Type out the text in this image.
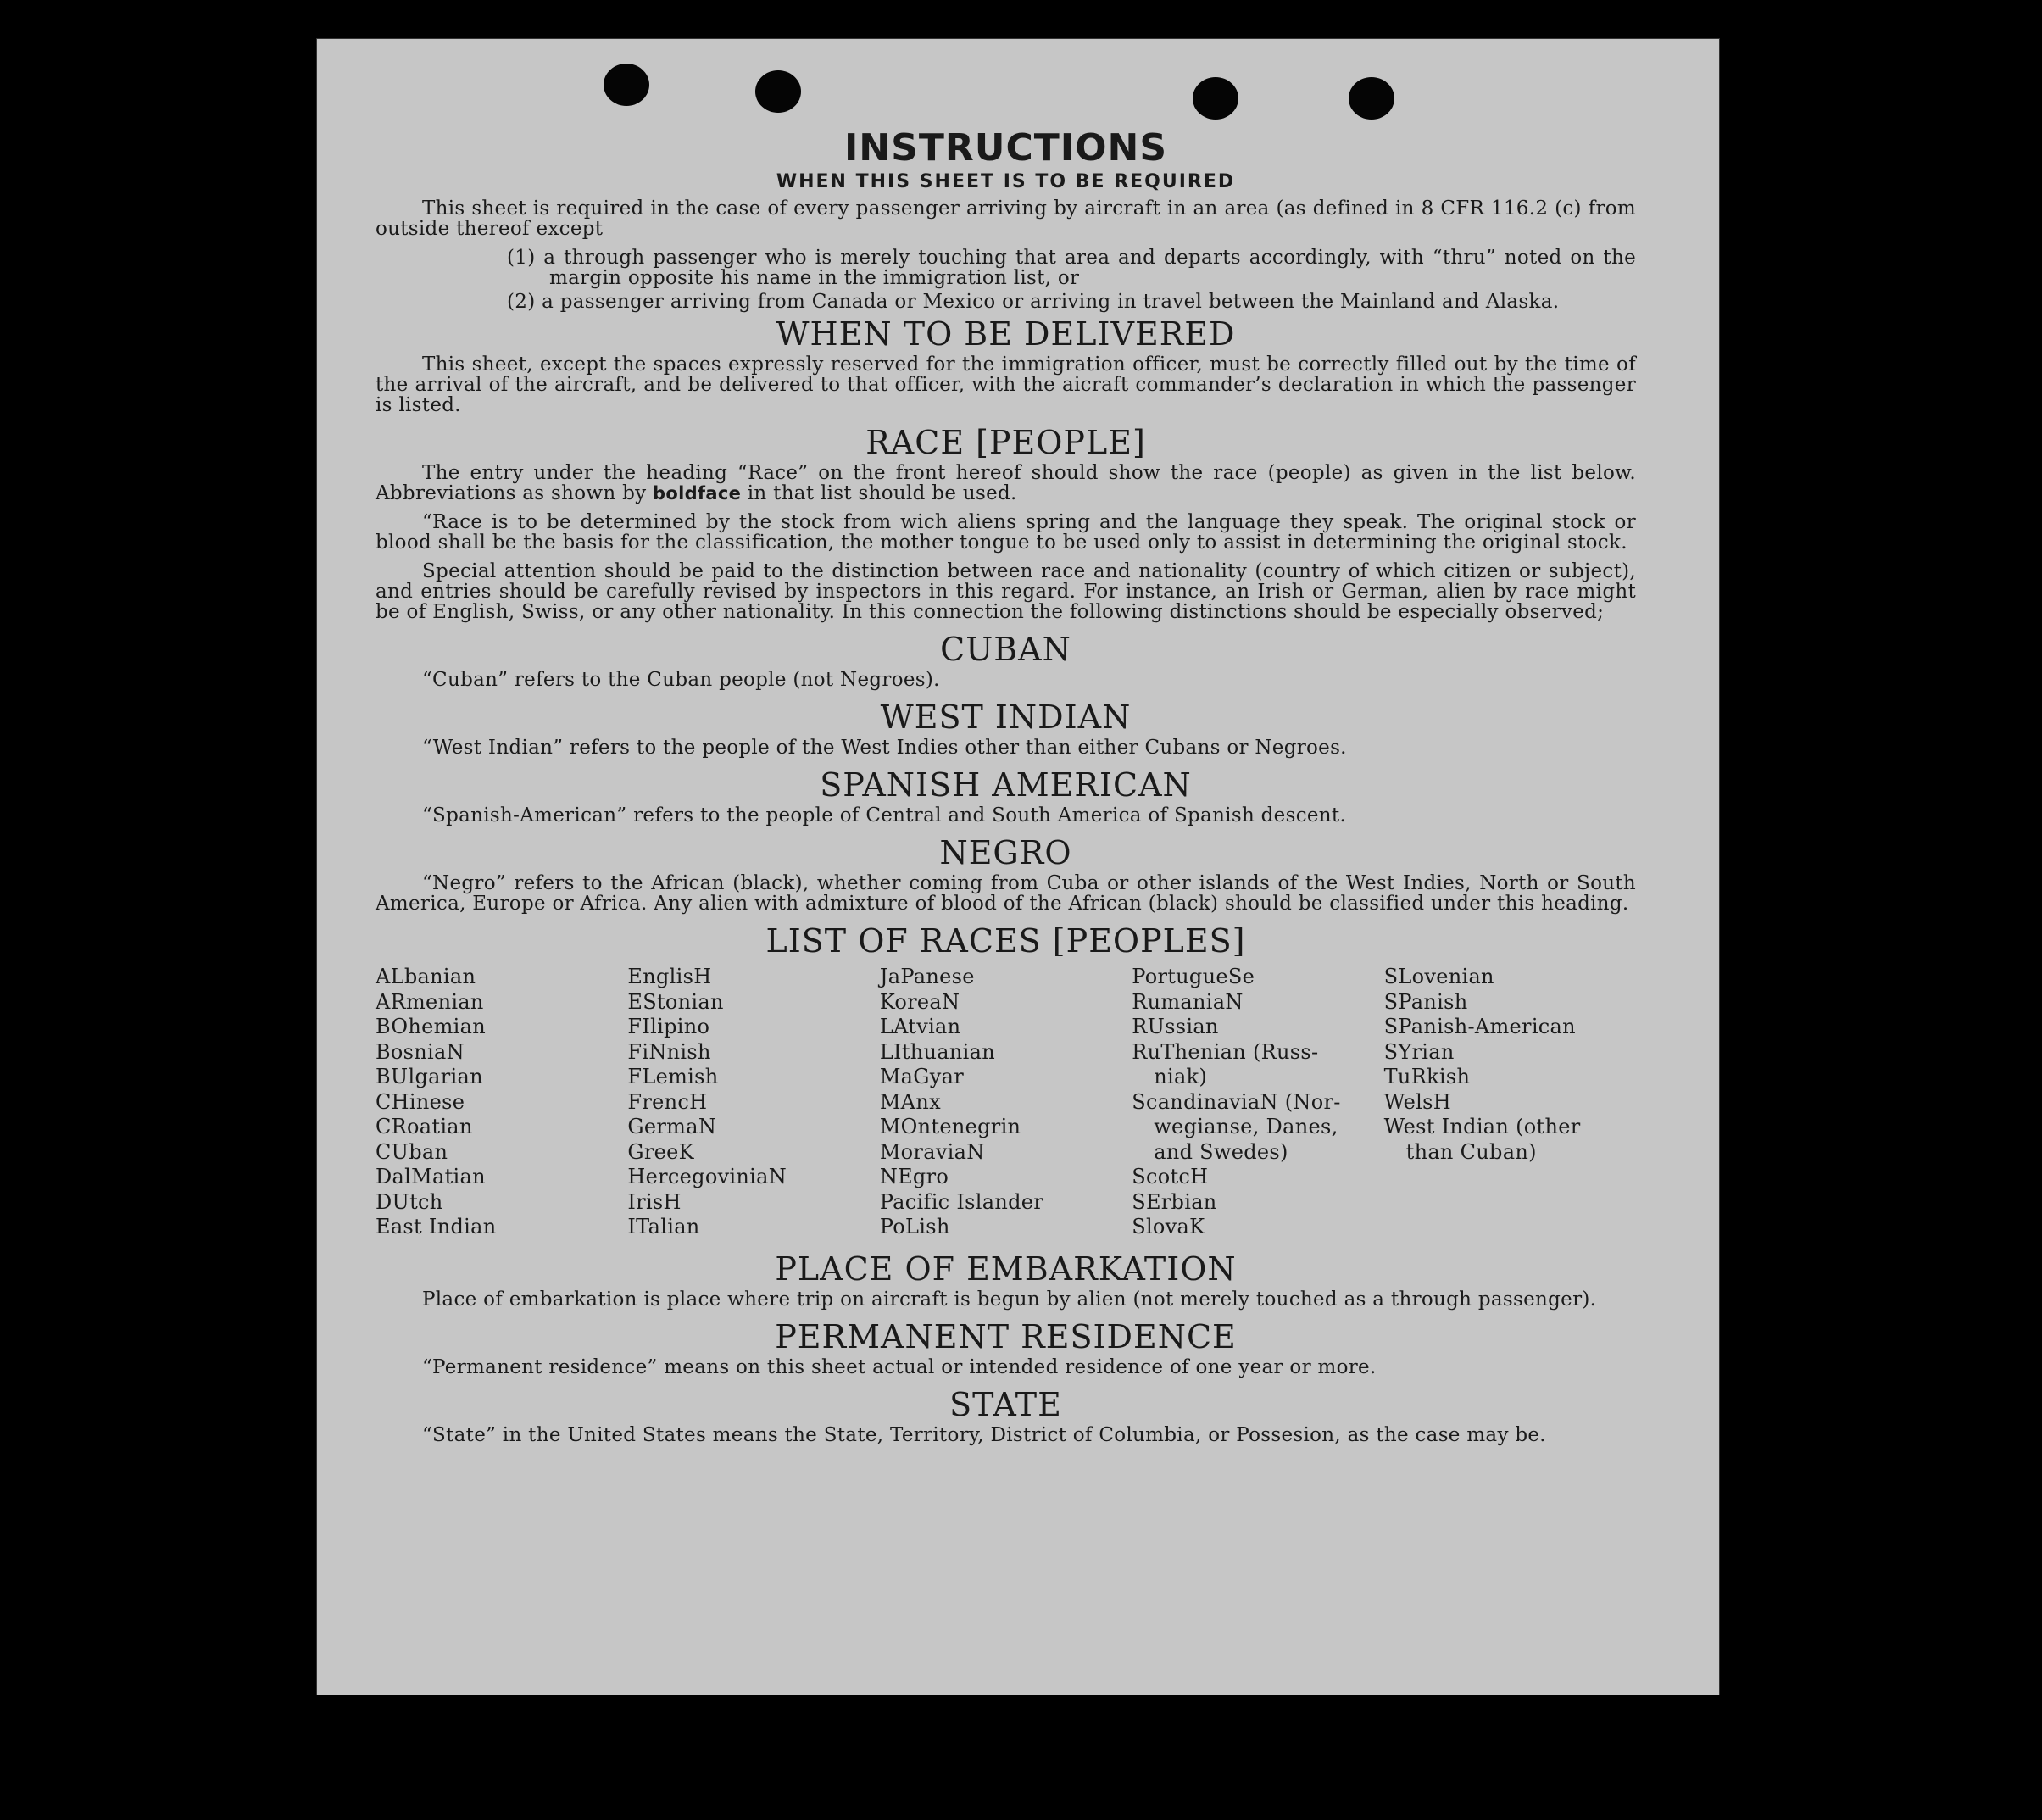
INSTRUCTIONS
WHEN THIS SHEET IS TO BE REQUIRED

This sheet is required in the case of every passenger arriving by aircraft in an area (as defined in 8 CFR 116.2 (c) from outside thereof except

(1) a through passenger who is merely touching that area and departs accordingly, with “thru” noted on the margin opposite his name in the immigration list, or

(2) a passenger arriving from Canada or Mexico or arriving in travel between the Mainland and Alaska.

WHEN TO BE DELIVERED

This sheet, except the spaces expressly reserved for the immigration officer, must be correctly filled out by the time of the arrival of the aircraft, and be delivered to that officer, with the aicraft commander’s declaration in which the passenger is listed.

RACE [PEOPLE]

The entry under the heading “Race” on the front hereof should show the race (people) as given in the list below. Abbreviations as shown by boldface in that list should be used.

“Race is to be determined by the stock from wich aliens spring and the language they speak. The original stock or blood shall be the basis for the classification, the mother tongue to be used only to assist in determining the original stock.

Special attention should be paid to the distinction between race and nationality (country of which citizen or subject), and entries should be carefully revised by inspectors in this regard. For instance, an Irish or German, alien by race might be of English, Swiss, or any other nationality. In this connection the following distinctions should be especially observed;

CUBAN

“Cuban” refers to the Cuban people (not Negroes).

WEST INDIAN

“West Indian” refers to the people of the West Indies other than either Cubans or Negroes.

SPANISH AMERICAN

“Spanish-American” refers to the people of Central and South America of Spanish descent.

NEGRO

“Negro” refers to the African (black), whether coming from Cuba or other islands of the West Indies, North or South America, Europe or Africa. Any alien with admixture of blood of the African (black) should be classified under this heading.

LIST OF RACES [PEOPLES]
ALbanian
ARmenian
BOhemian
BosniaN
BUlgarian
CHinese
CRoatian
CUban
DalMatian
DUtch
East Indian
EnglisH
EStonian
FIlipino
FiNnish
FLemish
FrencH
GermaN
GreeK
HercegoviniaN
IrisH
ITalian
JaPanese
KoreaN
LAtvian
LIthuanian
MaGyar
MAnx
MOntenegrin
MoraviaN
NEgro
Pacific Islander
PoLish
PortugueSe
RumaniaN
RUssian
RuThenian (Russ-
niak)
ScandinaviaN (Nor-
wegianse, Danes,
and Swedes)
ScotcH
SErbian
SlovaK
SLovenian
SPanish
SPanish-American
SYrian
TuRkish
WelsH
West Indian (other
than Cuban)
PLACE OF EMBARKATION

Place of embarkation is place where trip on aircraft is begun by alien (not merely touched as a through passenger).

PERMANENT RESIDENCE

“Permanent residence” means on this sheet actual or intended residence of one year or more.

STATE

“State” in the United States means the State, Territory, District of Columbia, or Possesion, as the case may be.
